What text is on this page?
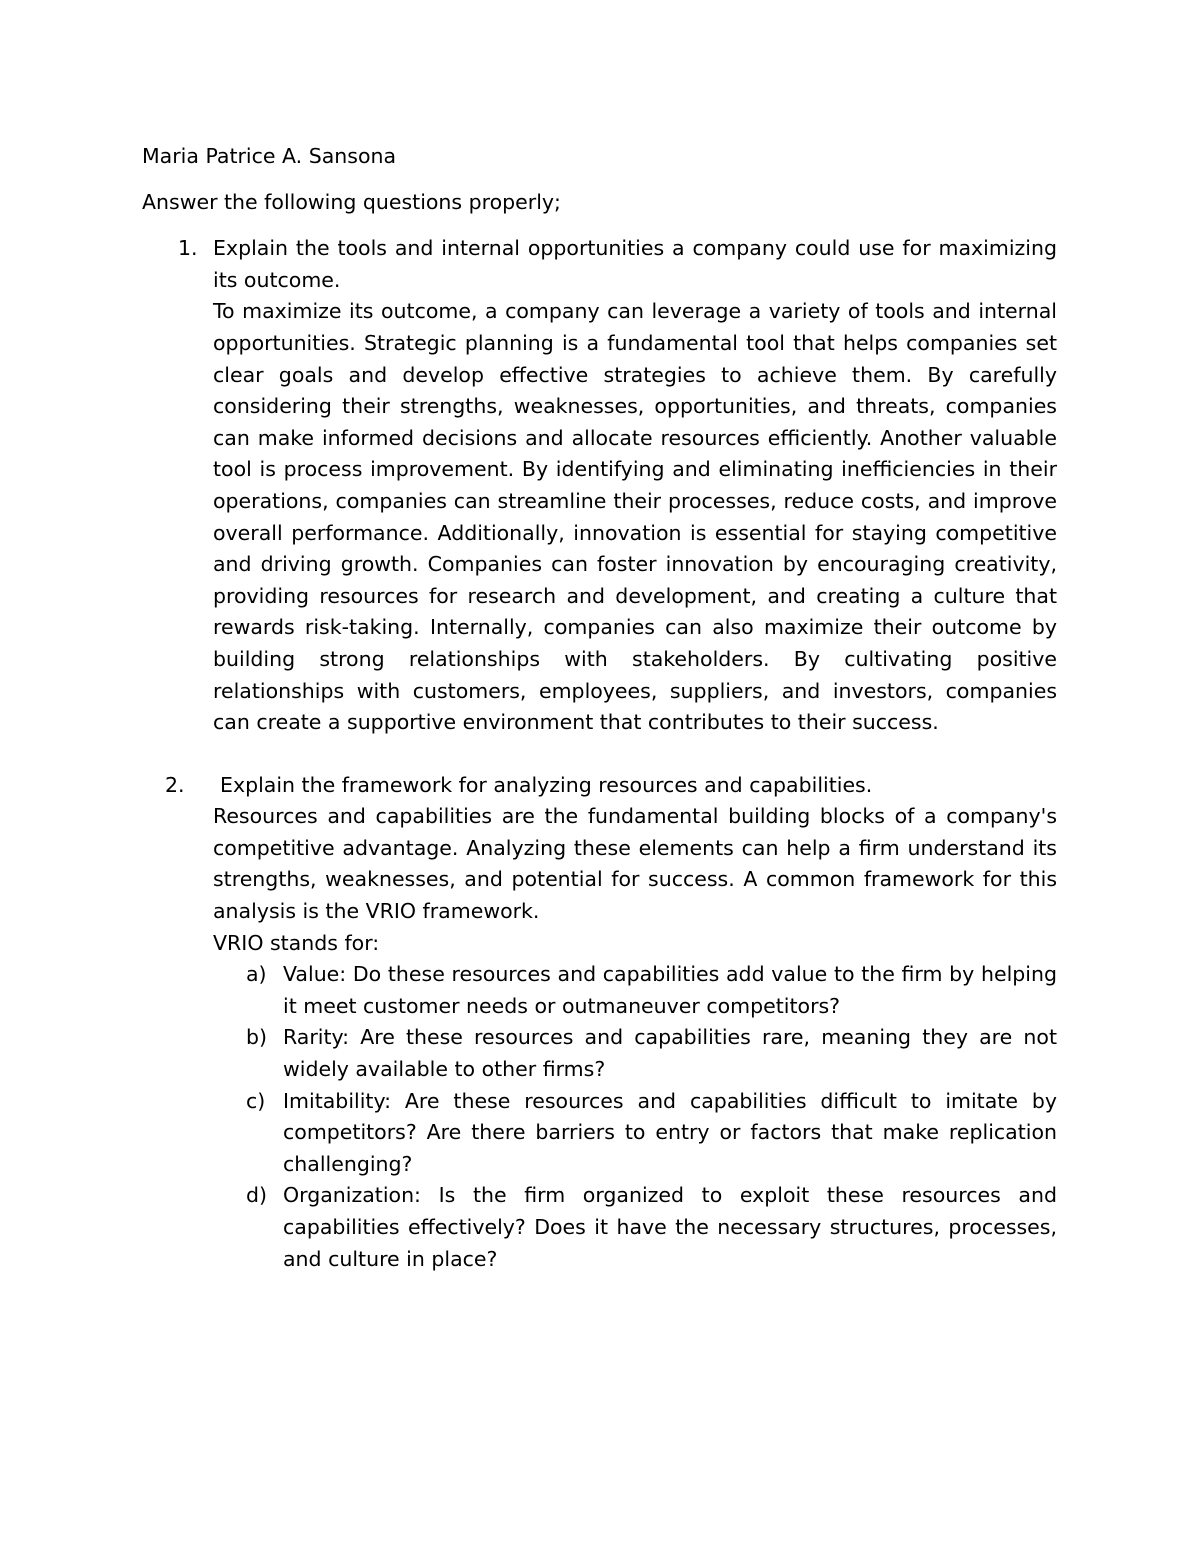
Maria Patrice A. Sansona

Answer the following questions properly;

1. Explain the tools and internal opportunities a company could use for maximizing its outcome.

To maximize its outcome, a company can leverage a variety of tools and internal opportunities. Strategic planning is a fundamental tool that helps companies set clear goals and develop effective strategies to achieve them. By carefully considering their strengths, weaknesses, opportunities, and threats, companies can make informed decisions and allocate resources efficiently. Another valuable tool is process improvement. By identifying and eliminating inefficiencies in their operations, companies can streamline their processes, reduce costs, and improve overall performance. Additionally, innovation is essential for staying competitive and driving growth. Companies can foster innovation by encouraging creativity, providing resources for research and development, and creating a culture that rewards risk-taking. Internally, companies can also maximize their outcome by building strong relationships with stakeholders. By cultivating positive relationships with customers, employees, suppliers, and investors, companies can create a supportive environment that contributes to their success.

2.	Explain the framework for analyzing resources and capabilities.

Resources and capabilities are the fundamental building blocks of a company's competitive advantage. Analyzing these elements can help a firm understand its strengths, weaknesses, and potential for success. A common framework for this analysis is the VRIO framework.

VRIO stands for:

a) Value: Do these resources and capabilities add value to the firm by helping it meet customer needs or outmaneuver competitors?
b) Rarity: Are these resources and capabilities rare, meaning they are not widely available to other firms?
c) Imitability: Are these resources and capabilities difficult to imitate by competitors? Are there barriers to entry or factors that make replication challenging?
d) Organization: Is the firm organized to exploit these resources and capabilities effectively? Does it have the necessary structures, processes, and culture in place?
